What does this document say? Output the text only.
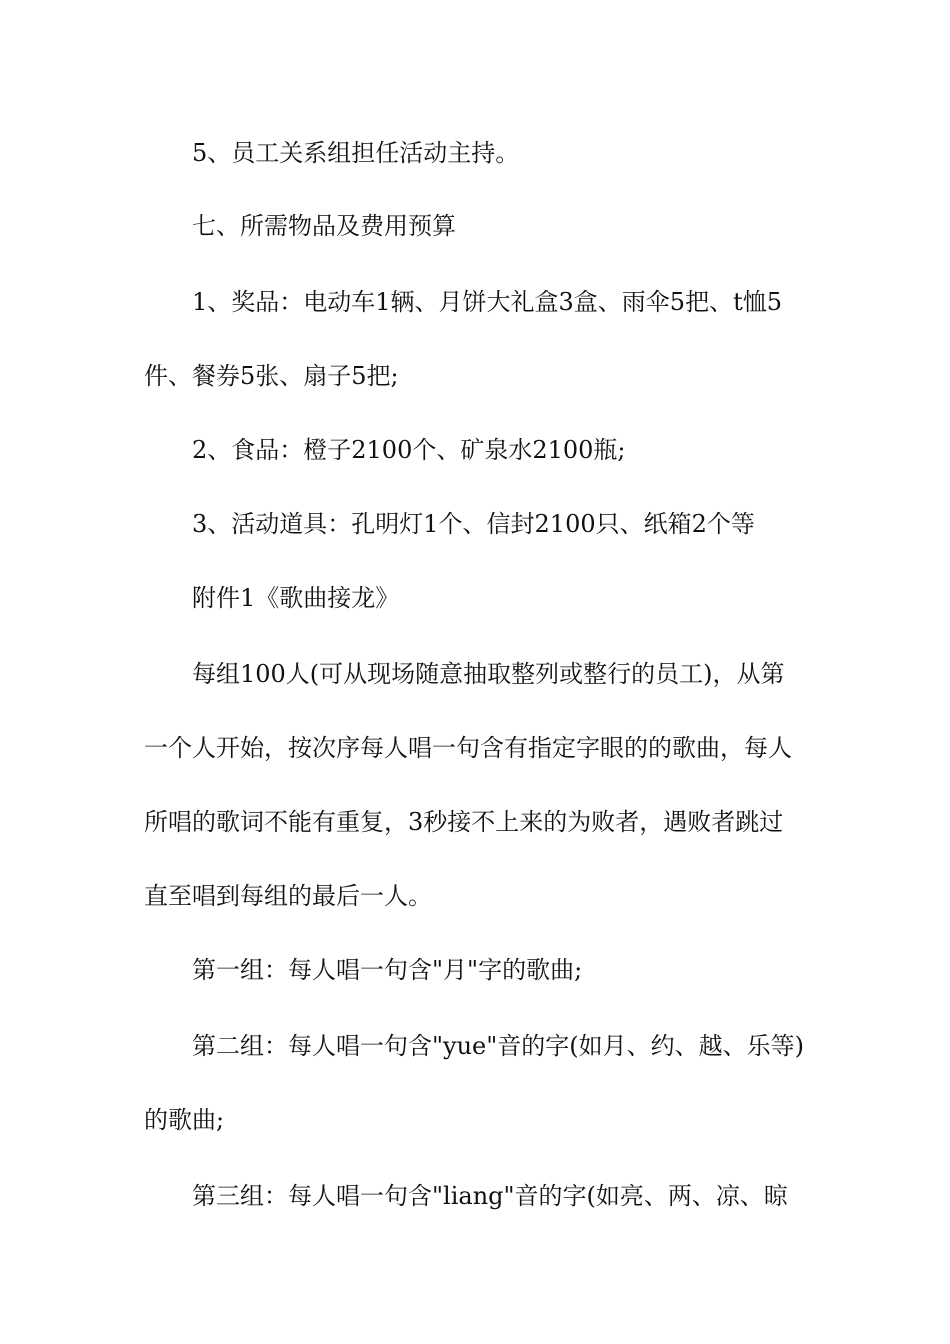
5、员工关系组担任活动主持。
七、所需物品及费用预算
1、奖品：电动车1辆、月饼大礼盒3盒、雨伞5把、t恤5
件、餐券5张、扇子5把;
2、食品：橙子2100个、矿泉水2100瓶;
3、活动道具：孔明灯1个、信封2100只、纸箱2个等
附件1《歌曲接龙》
每组100人(可从现场随意抽取整列或整行的员工)，从第
一个人开始，按次序每人唱一句含有指定字眼的的歌曲，每人
所唱的歌词不能有重复，3秒接不上来的为败者，遇败者跳过
直至唱到每组的最后一人。
第一组：每人唱一句含"月"字的歌曲;
第二组：每人唱一句含"yue"音的字(如月、约、越、乐等)
的歌曲;
第三组：每人唱一句含"liang"音的字(如亮、两、凉、晾
